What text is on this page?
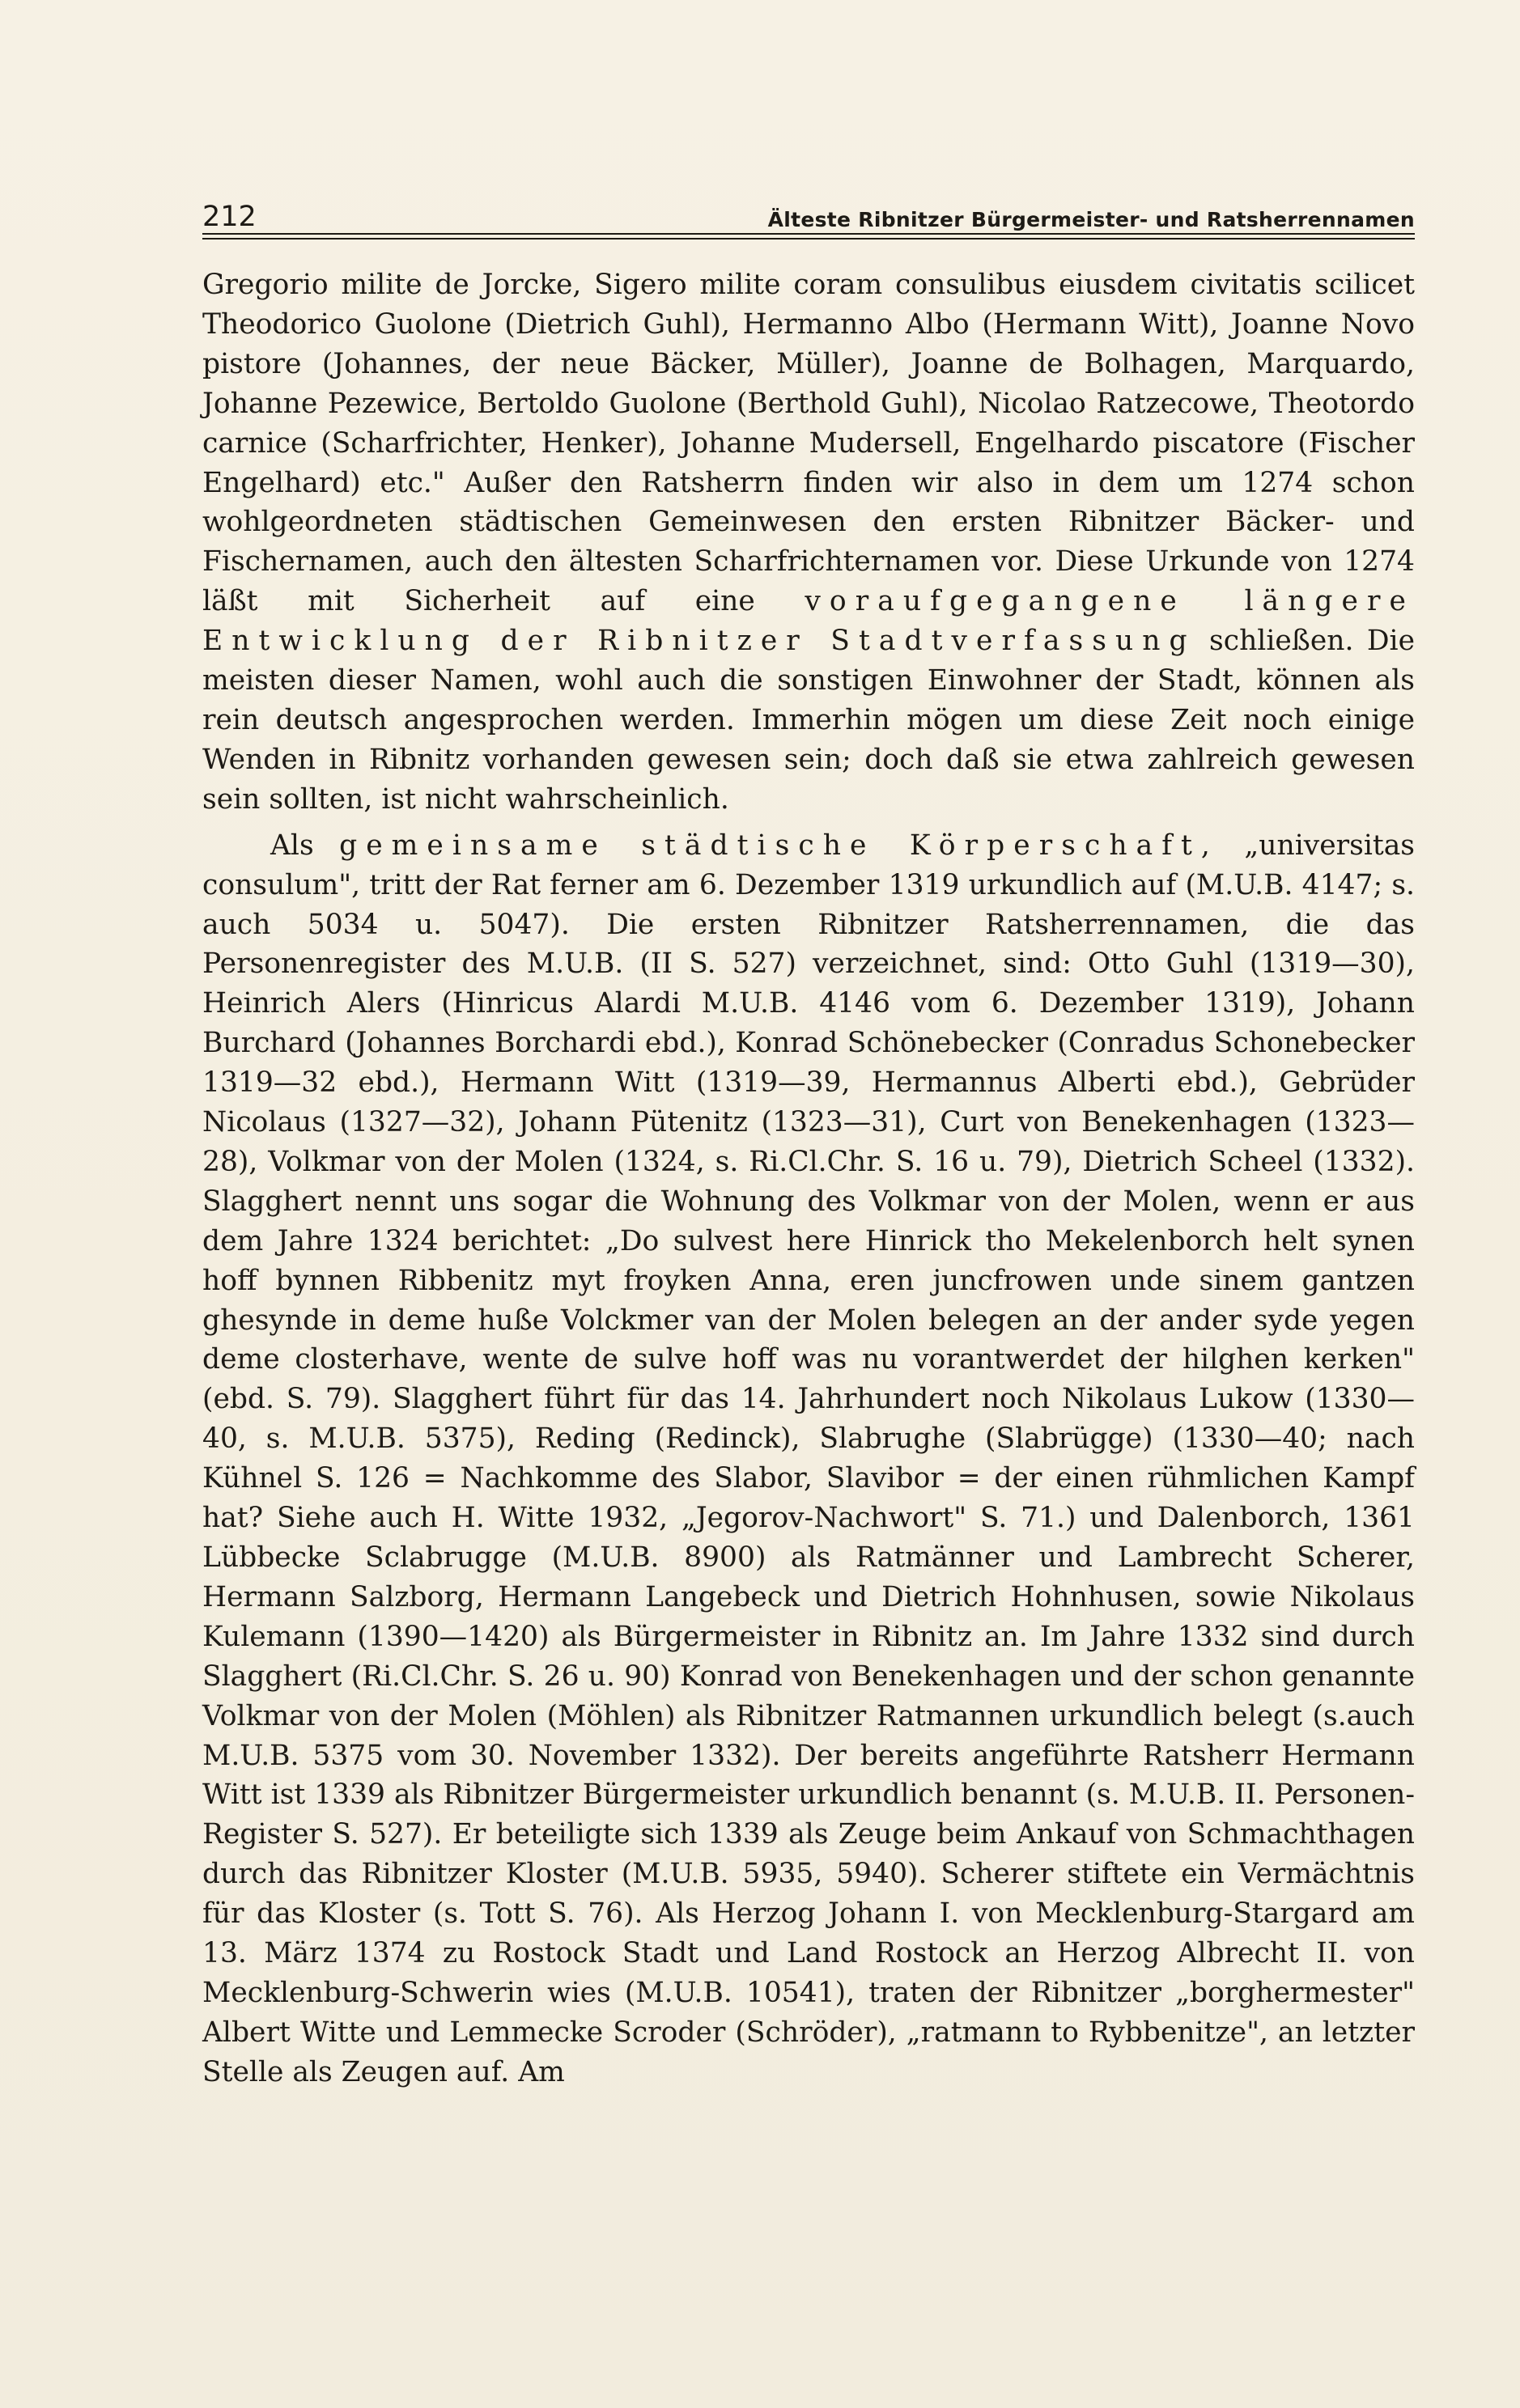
212	Älteste Ribnitzer Bürgermeister- und Ratsherrennamen

Gregorio milite de Jorcke, Sigero milite coram consulibus eiusdem civitatis scilicet Theodorico Guolone (Dietrich Guhl), Hermanno Albo (Hermann Witt), Joanne Novo pistore (Johannes, der neue Bäcker, Müller), Joanne de Bolhagen, Marquardo, Johanne Pezewice, Bertoldo Guolone (Berthold Guhl), Nicolao Ratzecowe, Theotordo carnice (Scharfrichter, Henker), Johanne Mudersell, Engelhardo piscatore (Fischer Engelhard) etc." Außer den Ratsherrn finden wir also in dem um 1274 schon wohlgeordneten städtischen Gemeinwesen den ersten Ribnitzer Bäcker- und Fischernamen, auch den ältesten Scharfrichternamen vor. Diese Urkunde von 1274 läßt mit Sicherheit auf eine voraufgegangene längere Entwicklung der Ribnitzer Stadtverfassung schließen. Die meisten dieser Namen, wohl auch die sonstigen Einwohner der Stadt, können als rein deutsch angesprochen werden. Immerhin mögen um diese Zeit noch einige Wenden in Ribnitz vorhanden gewesen sein; doch daß sie etwa zahlreich gewesen sein sollten, ist nicht wahrscheinlich.

Als gemeinsame städtische Körperschaft, „universitas consulum", tritt der Rat ferner am 6. Dezember 1319 urkundlich auf (M.U.B. 4147; s. auch 5034 u. 5047). Die ersten Ribnitzer Ratsherrennamen, die das Personenregister des M.U.B. (II S. 527) verzeichnet, sind: Otto Guhl (1319—30), Heinrich Alers (Hinricus Alardi M.U.B. 4146 vom 6. Dezember 1319), Johann Burchard (Johannes Borchardi ebd.), Konrad Schönebecker (Conradus Schonebecker 1319—32 ebd.), Hermann Witt (1319—39, Hermannus Alberti ebd.), Gebrüder Nicolaus (1327—32), Johann Pütenitz (1323—31), Curt von Benekenhagen (1323—28), Volkmar von der Molen (1324, s. Ri.Cl.Chr. S. 16 u. 79), Dietrich Scheel (1332). Slagghert nennt uns sogar die Wohnung des Volkmar von der Molen, wenn er aus dem Jahre 1324 berichtet: „Do sulvest here Hinrick tho Mekelenborch helt synen hoff bynnen Ribbenitz myt froyken Anna, eren juncfrowen unde sinem gantzen ghesynde in deme huße Volckmer van der Molen belegen an der ander syde yegen deme closterhave, wente de sulve hoff was nu vorantwerdet der hilghen kerken" (ebd. S. 79). Slagghert führt für das 14. Jahrhundert noch Nikolaus Lukow (1330—40, s. M.U.B. 5375), Reding (Redinck), Slabrughe (Slabrügge) (1330—40; nach Kühnel S. 126 = Nachkomme des Slabor, Slavibor = der einen rühmlichen Kampf hat? Siehe auch H. Witte 1932, „Jegorov-Nachwort" S. 71.) und Dalenborch, 1361 Lübbecke Sclabrugge (M.U.B. 8900) als Ratmänner und Lambrecht Scherer, Hermann Salzborg, Hermann Langebeck und Dietrich Hohnhusen, sowie Nikolaus Kulemann (1390—1420) als Bürgermeister in Ribnitz an. Im Jahre 1332 sind durch Slagghert (Ri.Cl.Chr. S. 26 u. 90) Konrad von Benekenhagen und der schon genannte Volkmar von der Molen (Möhlen) als Ribnitzer Ratmannen urkundlich belegt (s.auch M.U.B. 5375 vom 30. November 1332). Der bereits angeführte Ratsherr Hermann Witt ist 1339 als Ribnitzer Bürgermeister urkundlich benannt (s. M.U.B. II. Personen-Register S. 527). Er beteiligte sich 1339 als Zeuge beim Ankauf von Schmachthagen durch das Ribnitzer Kloster (M.U.B. 5935, 5940). Scherer stiftete ein Vermächtnis für das Kloster (s. Tott S. 76). Als Herzog Johann I. von Mecklenburg-Stargard am 13. März 1374 zu Rostock Stadt und Land Rostock an Herzog Albrecht II. von Mecklenburg-Schwerin wies (M.U.B. 10541), traten der Ribnitzer „borghermester" Albert Witte und Lemmecke Scroder (Schröder), „ratmann to Rybbenitze", an letzter Stelle als Zeugen auf. Am
